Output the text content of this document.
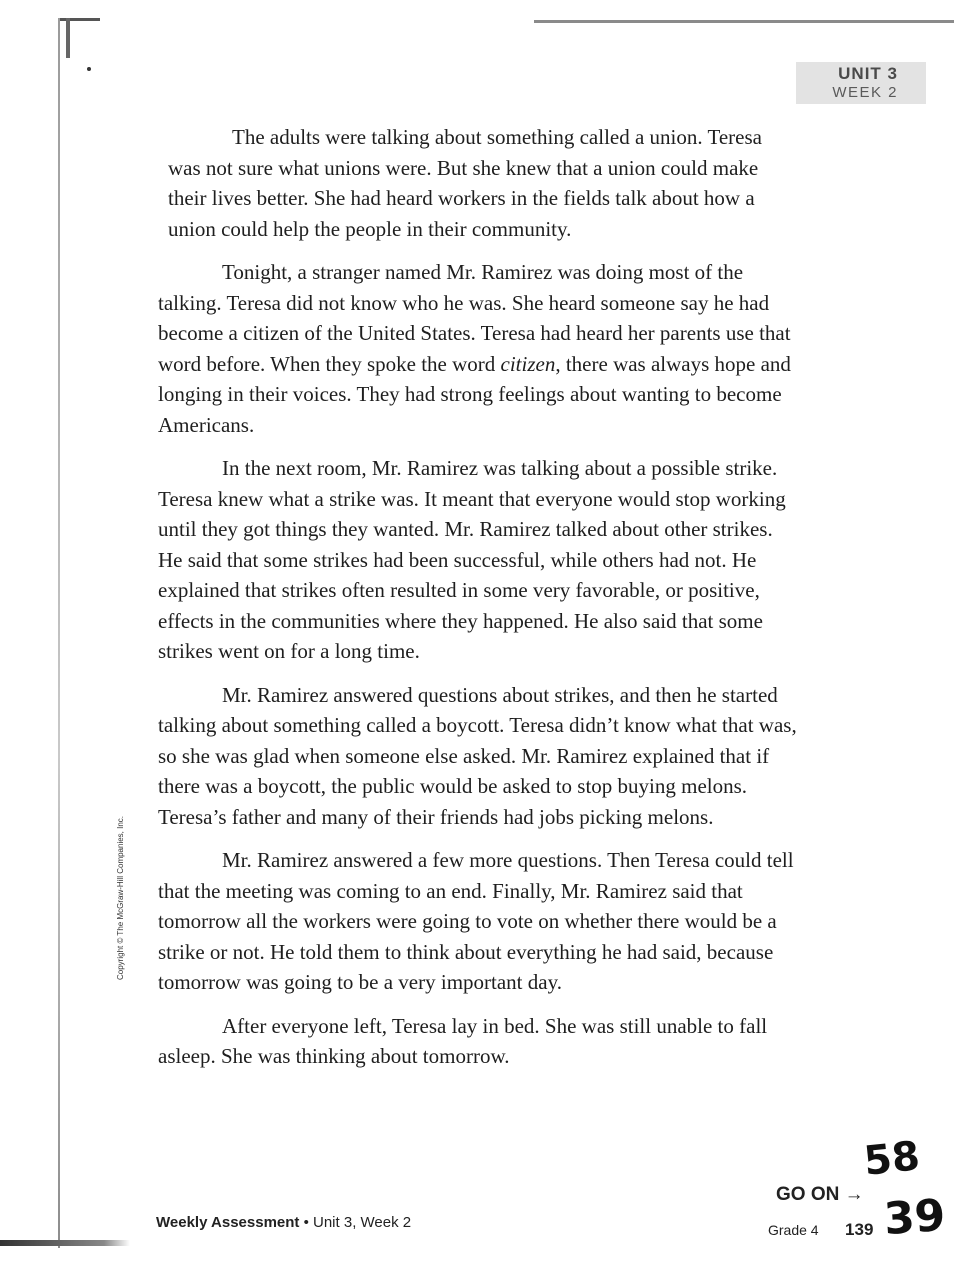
UNIT 3
WEEK 2

The adults were talking about something called a union. Teresa was not sure what unions were. But she knew that a union could make their lives better. She had heard workers in the fields talk about how a union could help the people in their community.

Tonight, a stranger named Mr. Ramirez was doing most of the talking. Teresa did not know who he was. She heard someone say he had become a citizen of the United States. Teresa had heard her parents use that word before. When they spoke the word citizen, there was always hope and longing in their voices. They had strong feelings about wanting to become Americans.

In the next room, Mr. Ramirez was talking about a possible strike. Teresa knew what a strike was. It meant that everyone would stop working until they got things they wanted. Mr. Ramirez talked about other strikes. He said that some strikes had been successful, while others had not. He explained that strikes often resulted in some very favorable, or positive, effects in the communities where they happened. He also said that some strikes went on for a long time.

Mr. Ramirez answered questions about strikes, and then he started talking about something called a boycott. Teresa didn’t know what that was, so she was glad when someone else asked. Mr. Ramirez explained that if there was a boycott, the public would be asked to stop buying melons. Teresa’s father and many of their friends had jobs picking melons.

Mr. Ramirez answered a few more questions. Then Teresa could tell that the meeting was coming to an end. Finally, Mr. Ramirez said that tomorrow all the workers were going to vote on whether there would be a strike or not. He told them to think about everything he had said, because tomorrow was going to be a very important day.

After everyone left, Teresa lay in bed. She was still unable to fall asleep. She was thinking about tomorrow.

Copyright © The McGraw-Hill Companies, Inc.
GO ON →
Weekly Assessment • Unit 3, Week 2	Grade 4 139
58
39
